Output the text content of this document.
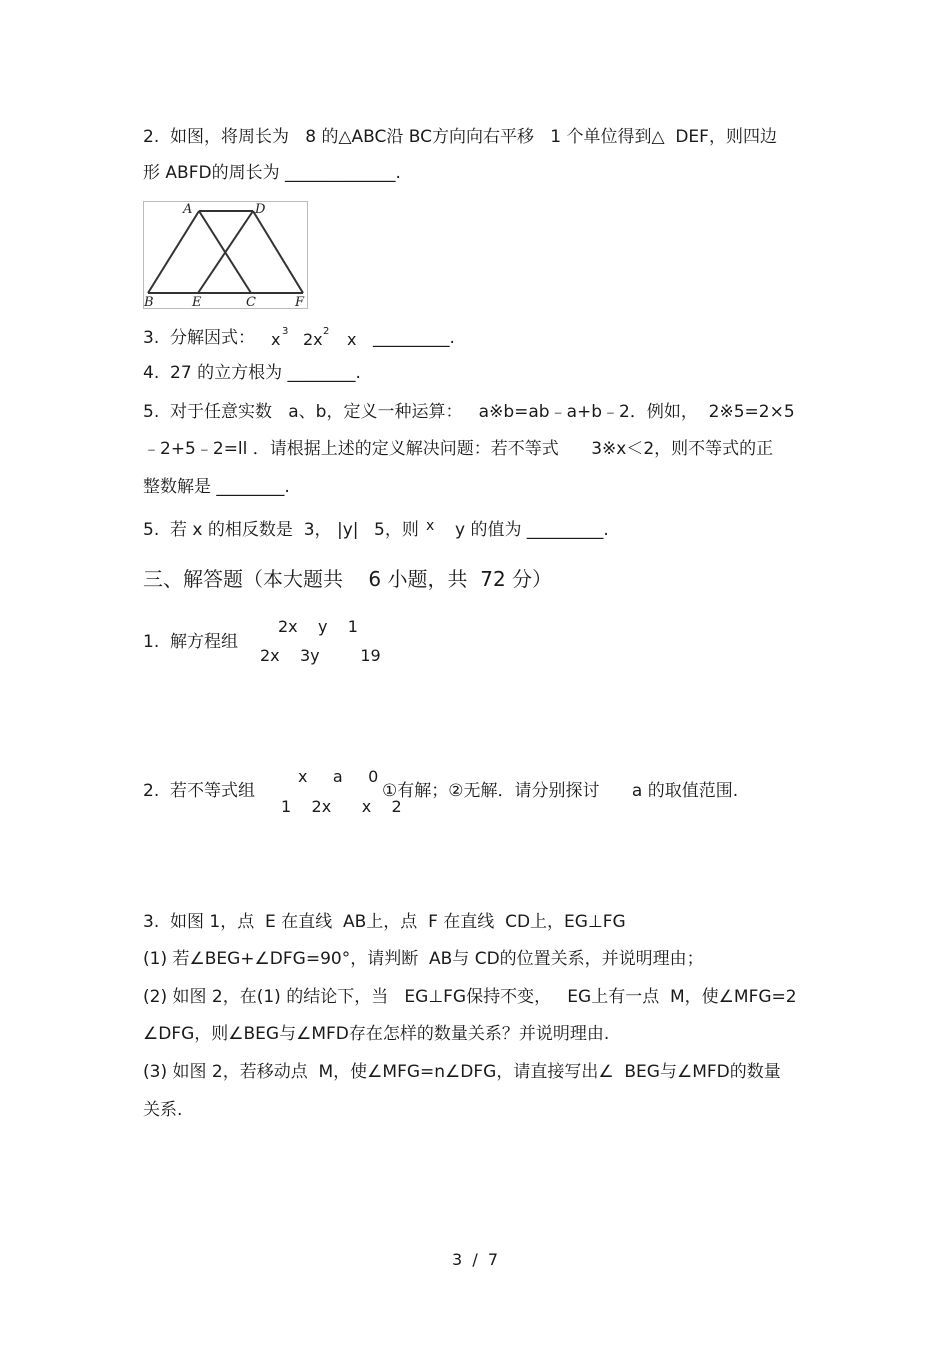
2.  如图，将周长为   8 的△ABC沿 BC方向向右平移   1 个单位得到△  DEF，则四边
形 ABFD的周长为 _____________.
A	D
B	E	C	F
3.  分解因式： x 3 2x 2 x _________.
4.  27 的立方根为 ________.
5.  对于任意实数   a、b，定义一种运算：   a※b=ab﹣a+b﹣2．例如，  2※5=2×5
﹣2+5﹣2=ll ．请根据上述的定义解决问题：若不等式      3※x＜2，则不等式的正
整数解是 ________.
5.  若 x 的相反数是  3， |y| 5，则 x y 的值为 _________.
三、解答题（本大题共    6 小题，共  72 分）
1.  解方程组
2x    y    1
2x    3y        19
2.  若不等式组
x     a     0
1    2x      x    2
①有解；②无解．请分别探讨      a 的取值范围.
3.  如图 1，点  E 在直线  AB上，点  F 在直线  CD上，EG⊥FG
(1) 若∠BEG+∠DFG=90°，请判断  AB与 CD的位置关系，并说明理由；
(2) 如图 2，在(1) 的结论下，当   EG⊥FG保持不变，   EG上有一点  M，使∠MFG=2
∠DFG，则∠BEG与∠MFD存在怎样的数量关系？并说明理由.
(3) 如图 2，若移动点  M，使∠MFG=n∠DFG，请直接写出∠  BEG与∠MFD的数量
关系.
3  /  7
